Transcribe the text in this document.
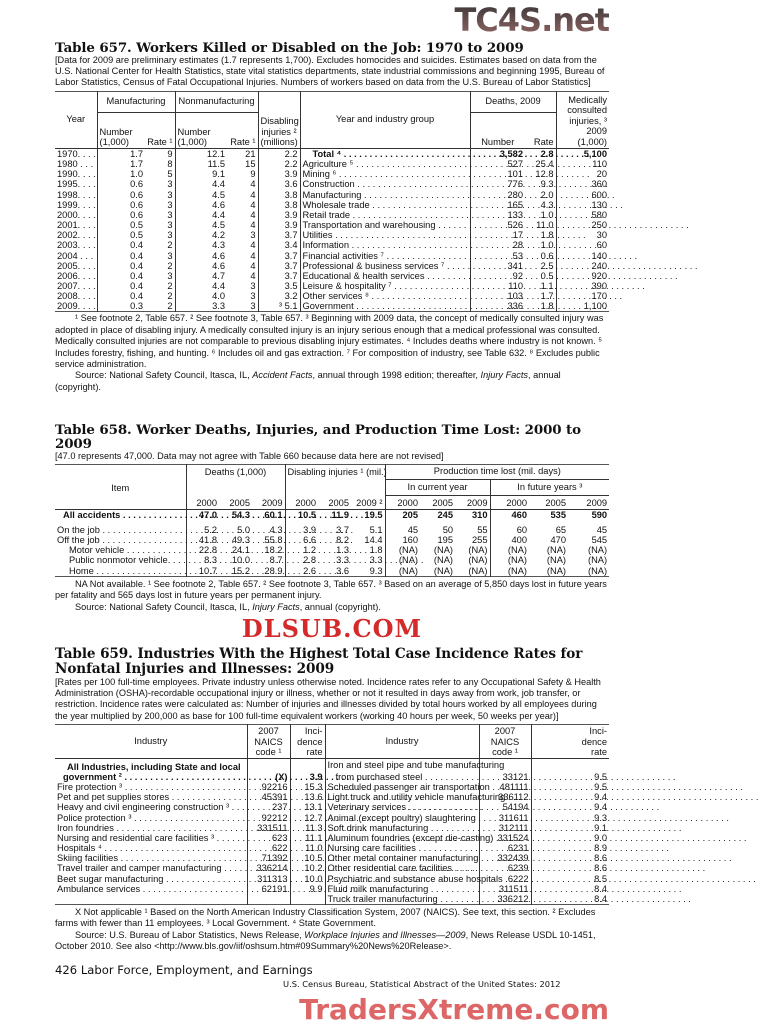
TC4S.net
Table 657. Workers Killed or Disabled on the Job: 1970 to 2009
[Data for 2009 are preliminary estimates (1.7 represents 1,700). Excludes homocides and suicides. Estimates based on data from the U.S. National Center for Health Statistics, state vital statistics departments, state industrial commissions and beginning 1995, Bureau of Labor Statistics, Census of Fatal Occupational Injuries. Numbers of workers based on data from the U.S. Bureau of Labor Statistics]
Year	Manufacturing		Nonmanufacturing		Disabling injuries ² (millions)	Year and industry group	Deaths, 2009		Medically consulted injuries, ³ 2009 (1,000)
	Number (1,000)	Rate ¹	Number (1,000)	Rate ¹			Number	Rate	
1970. . . .	1.7	9	12.1	21	2.2	Total ⁴ . . .	3,582	2.8	5,100
1980 . . .	1.7	8	11.5	15	2.2	Agriculture ⁵ . . .	527	25.4	110
1990. . . .	1.0	5	9.1	9	3.9	Mining ⁶ . . .	101	12.8	20
1995. . . .	0.6	3	4.4	4	3.6	Construction . . .	776	9.3	360
1998. . . .	0.6	3	4.5	4	3.8	Manufacturing . . .	280	2.0	600
1999. . . .	0.6	3	4.6	4	3.8	Wholesale trade . . .	165	4.3	130
2000. . . .	0.6	3	4.4	4	3.9	Retail trade . . .	133	1.0	580
2001. . . .	0.5	3	4.5	4	3.9	Transportation and warehousing . . .	526	11.0	250
2002. . . .	0.5	3	4.2	3	3.7	Utilities . . .	17	1.8	30
2003. . . .	0.4	2	4.3	4	3.4	Information . . .	28	1.0	60
2004 . . .	0.4	3	4.6	4	3.7	Financial activities ⁷ . . .	53	0.6	140
2005. . . .	0.4	2	4.6	4	3.7	Professional & business services ⁷ . . .	341	2.5	240
2006. . . .	0.4	3	4.7	4	3.7	Educational & health services . . .	92	0.5	920
2007. . . .	0.4	2	4.4	3	3.5	Leisure & hospitality ⁷ . . .	110	1.1	390
2008. . . .	0.4	2	4.0	3	3.2	Other services ⁸ . . .	103	1.7	170
2009. . . .	0.3	2	3.3	3	³ 5.1	Government . . .	336	1.8	1,100
¹ See footnote 2, Table 657. ² See footnote 3, Table 657. ³ Beginning with 2009 data, the concept of medically consulted injury was adopted in place of disabling injury. A medically consulted injury is an injury serious enough that a medical professional was consulted. Medically consulted injuries are not comparable to previous disabling injury estimates. ⁴ Includes deaths where industry is not known. ⁵ Includes forestry, fishing, and hunting. ⁶ Includes oil and gas extraction. ⁷ For composition of industry, see Table 632. ⁸ Excludes public service administration.
Source: National Safety Council, Itasca, IL, Accident Facts, annual through 1998 edition; thereafter, Injury Facts, annual (copyright).
Table 658. Worker Deaths, Injuries, and Production Time Lost: 2000 to 2009
[47.0 represents 47,000. Data may not agree with Table 660 because data here are not revised]
Item	Deaths (1,000)			Disabling injuries ¹ (mil.)			Production time lost (mil. days)					
							In current year			In future years ³		
	2000	2005	2009	2000	2005	2009 ²	2000	2005	2009	2000	2005	2009
All accidents . . .	47.0	54.3	60.1	10.5	11.9	19.5	205	245	310	460	535	590
On the job . . .	5.2	5.0	4.3	3.9	3.7	5.1	45	50	55	60	65	45
Off the job . . .	41.8	49.3	55.8	6.6	8.2	14.4	160	195	255	400	470	545
Motor vehicle . . .	22.8	24.1	18.2	1.2	1.3	1.8	(NA)	(NA)	(NA)	(NA)	(NA)	(NA)
Public nonmotor vehicle. . . .	8.3	10.0	8.7	2.8	3.3	3.3	(NA)	(NA)	(NA)	(NA)	(NA)	(NA)
Home . . .	10.7	15.2	28.9	2.6	3.6	9.3	(NA)	(NA)	(NA)	(NA)	(NA)	(NA)
NA Not available. ¹ See footnote 2, Table 657. ² See footnote 3, Table 657. ³ Based on an average of 5,850 days lost in future years per fatality and 565 days lost in future years per permanent injury.
Source: National Safety Council, Itasca, IL, Injury Facts, annual (copyright).
DLSUB.COM
Table 659. Industries With the Highest Total Case Incidence Rates for Nonfatal Injuries and Illnesses: 2009
[Rates per 100 full-time employees. Private industry unless otherwise noted. Incidence rates refer to any Occupational Safety & Health Administration (OSHA)-recordable occupational injury or illness, whether or not it resulted in days away from work, job transfer, or restriction. Incidence rates were calculated as: Number of injuries and illnesses divided by total hours worked by all employees during the year multiplied by 200,000 as base for 100 full-time equivalent workers (working 40 hours per week, 50 weeks per year)]
Industry	2007 NAICS code ¹	Inci- dence rate	Industry	2007 NAICS code ¹	Inci- dence rate
All Industries, including State and local			Iron and steel pipe and tube manufacturing		
government ² . . .	(X)	3.9	from purchased steel . . .	33121	9.5
Fire protection ³ . . .	92216	15.3	Scheduled passenger air transportation . . .	481111	9.5
Pet and pet supplies stores . . .	45391	13.6	Light truck and utility vehicle manufacturing . . .	336112	9.4
Heavy and civil engineering construction ³ . . .	237	13.1	Veterinary services . . .	54194	9.4
Police protection ³ . . .	92212	12.7	Animal (except poultry) slaughtering . . .	311611	9.3
Iron foundries . . .	331511	11.3	Soft drink manufacturing . . .	312111	9.1
Nursing and residential care facilities ³ . . .	623	11.1	Aluminum foundries (except die-casting) . . .	331524	9.0
Hospitals ⁴ . . .	622	11.0	Nursing care facilities . . .	6231	8.9
Skiing facilities . . .	71392	10.5	Other metal container manufacturing . . .	332439	8.6
Travel trailer and camper manufacturing . . .	336214	10.2	Other residential care facilities . . .	6239	8.6
Beet sugar manufacturing . . .	311313	10.0	Psychiatric and substance abuse hospitals . . .	6222	8.5
Ambulance services . . .	62191	9.9	Fluid milk manufacturing . . .	311511	8.4
			Truck trailer manufacturing . . .	336212	8.4
X Not applicable ¹ Based on the North American Industry Classification System, 2007 (NAICS). See text, this section. ² Excludes farms with fewer than 11 employees. ³ Local Government. ⁴ State Government.
Source: U.S. Bureau of Labor Statistics, News Release, Workplace Injuries and Illnesses—2009, News Release USDL 10-1451, October 2010. See also <http://www.bls.gov/iif/oshsum.htm#09Summary%20News%20Release>.
426 Labor Force, Employment, and Earnings
U.S. Census Bureau, Statistical Abstract of the United States: 2012
TradersXtreme.com
